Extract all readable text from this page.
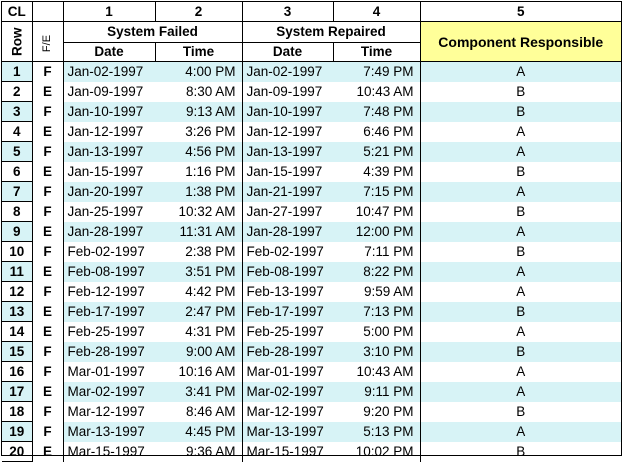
CL		1	2	3	4	5
Row	F/E	System Failed		System Repaired		Component Responsible
		Date	Time	Date	Time	
1	F	Jan-02-1997	4:00 PM	Jan-02-1997	7:49 PM	A
2	E	Jan-09-1997	8:30 AM	Jan-09-1997	10:43 AM	B
3	F	Jan-10-1997	9:13 AM	Jan-10-1997	7:48 PM	B
4	E	Jan-12-1997	3:26 PM	Jan-12-1997	6:46 PM	A
5	F	Jan-13-1997	4:56 PM	Jan-13-1997	5:21 PM	A
6	E	Jan-15-1997	1:16 PM	Jan-15-1997	4:39 PM	B
7	F	Jan-20-1997	1:38 PM	Jan-21-1997	7:15 PM	A
8	F	Jan-25-1997	10:32 AM	Jan-27-1997	10:47 PM	B
9	E	Jan-28-1997	11:31 AM	Jan-28-1997	12:00 PM	A
10	F	Feb-02-1997	2:38 PM	Feb-02-1997	7:11 PM	B
11	E	Feb-08-1997	3:51 PM	Feb-08-1997	8:22 PM	A
12	F	Feb-12-1997	4:42 PM	Feb-13-1997	9:59 AM	A
13	E	Feb-17-1997	2:47 PM	Feb-17-1997	7:13 PM	B
14	E	Feb-25-1997	4:31 PM	Feb-25-1997	5:00 PM	A
15	F	Feb-28-1997	9:00 AM	Feb-28-1997	3:10 PM	B
16	F	Mar-01-1997	10:16 AM	Mar-01-1997	10:43 AM	A
17	E	Mar-02-1997	3:41 PM	Mar-02-1997	9:11 PM	A
18	F	Mar-12-1997	8:46 AM	Mar-12-1997	9:20 PM	B
19	F	Mar-13-1997	4:45 PM	Mar-13-1997	5:13 PM	A
20	E	Mar-15-1997	9:36 AM	Mar-15-1997	10:02 PM	B
